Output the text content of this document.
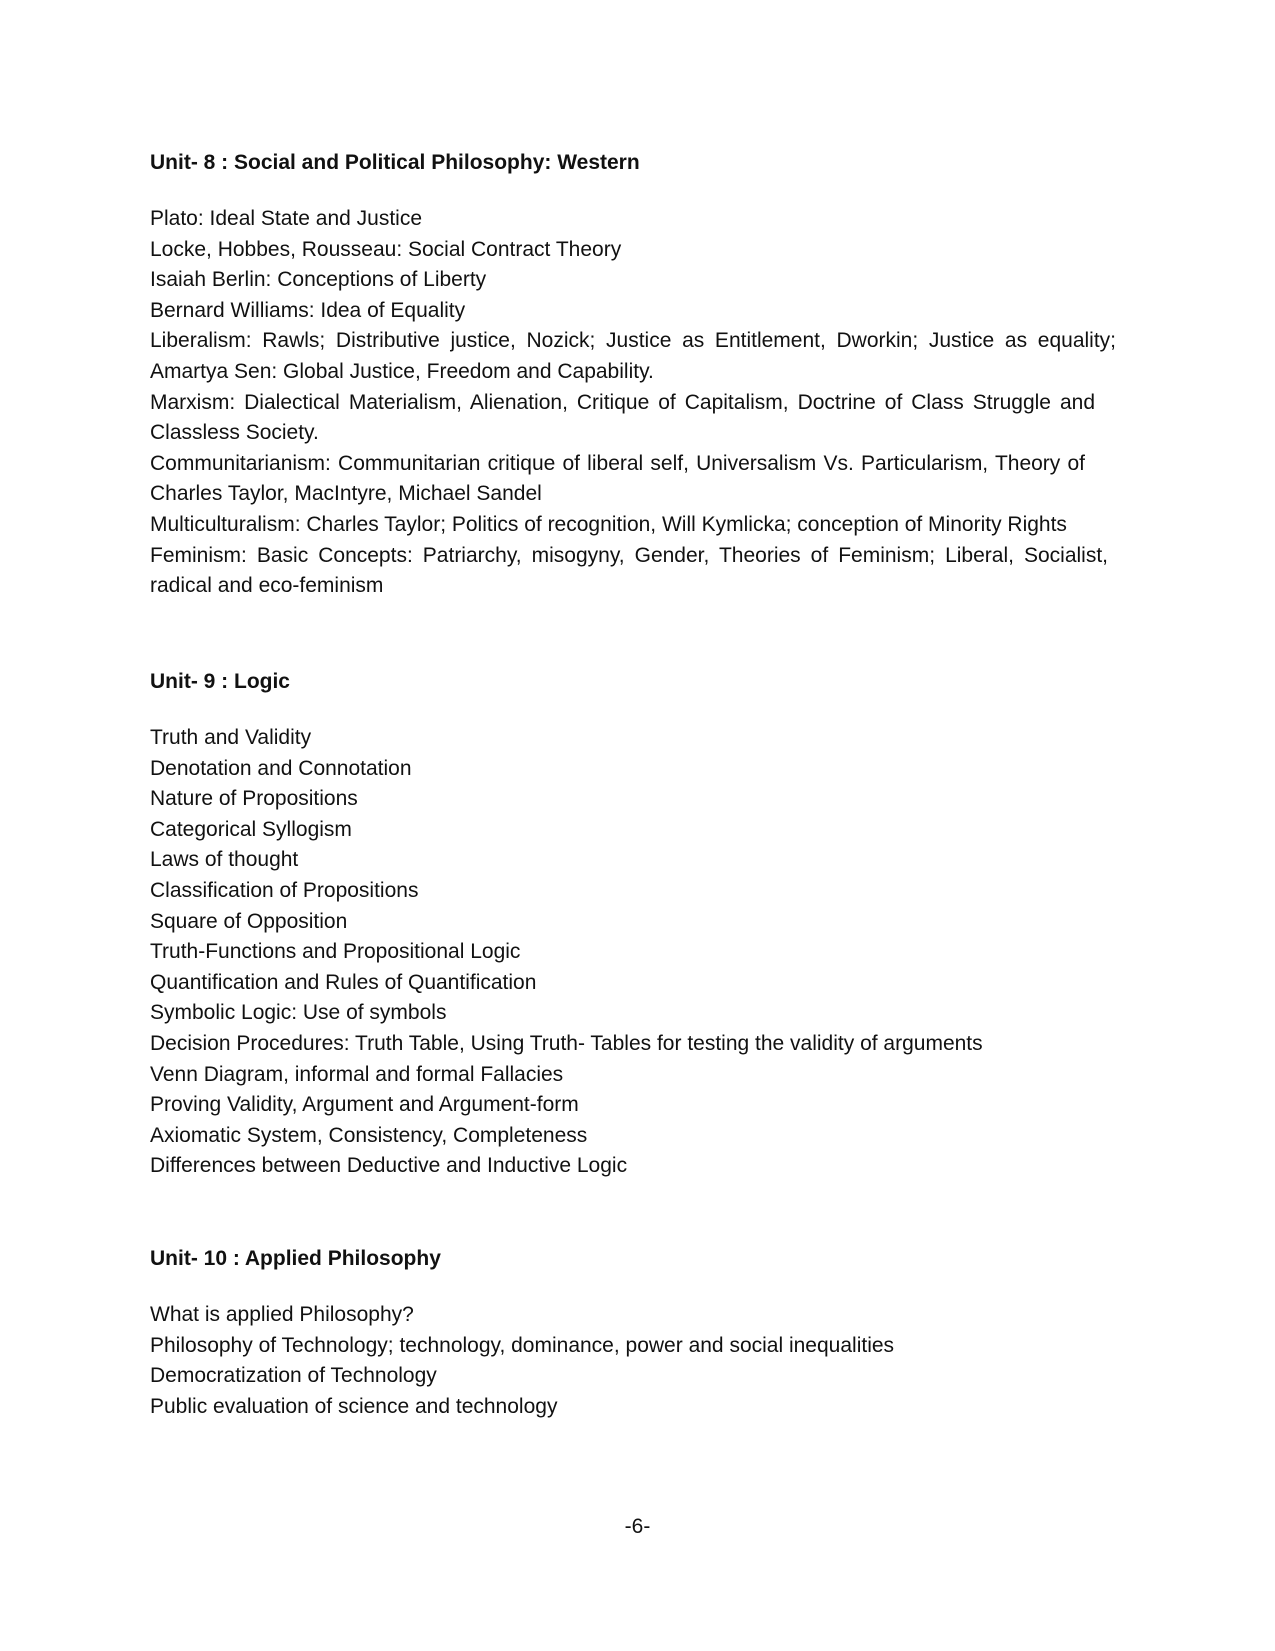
Unit- 8 : Social and Political Philosophy: Western
Plato: Ideal State and Justice
Locke, Hobbes, Rousseau: Social Contract Theory
Isaiah Berlin: Conceptions of Liberty
Bernard Williams: Idea of Equality
Liberalism: Rawls; Distributive justice, Nozick; Justice as Entitlement, Dworkin; Justice as equality; Amartya Sen: Global Justice, Freedom and Capability.
Marxism: Dialectical Materialism, Alienation, Critique of Capitalism, Doctrine of Class Struggle and Classless Society.
Communitarianism: Communitarian critique of liberal self, Universalism Vs. Particularism, Theory of Charles Taylor, MacIntyre, Michael Sandel
Multiculturalism: Charles Taylor; Politics of recognition, Will Kymlicka; conception of Minority Rights
Feminism: Basic Concepts: Patriarchy, misogyny, Gender, Theories of Feminism; Liberal, Socialist, radical and eco-feminism
Unit- 9 : Logic
Truth and Validity
Denotation and Connotation
Nature of Propositions
Categorical Syllogism
Laws of thought
Classification of Propositions
Square of Opposition
Truth-Functions and Propositional Logic
Quantification and Rules of Quantification
Symbolic Logic: Use of symbols
Decision Procedures: Truth Table, Using Truth- Tables for testing the validity of arguments
Venn Diagram, informal and formal Fallacies
Proving Validity, Argument and Argument-form
Axiomatic System, Consistency, Completeness
Differences between Deductive and Inductive Logic
Unit- 10 : Applied Philosophy
What is applied Philosophy?
Philosophy of Technology; technology, dominance, power and social inequalities
Democratization of Technology
Public evaluation of science and technology
-6-
